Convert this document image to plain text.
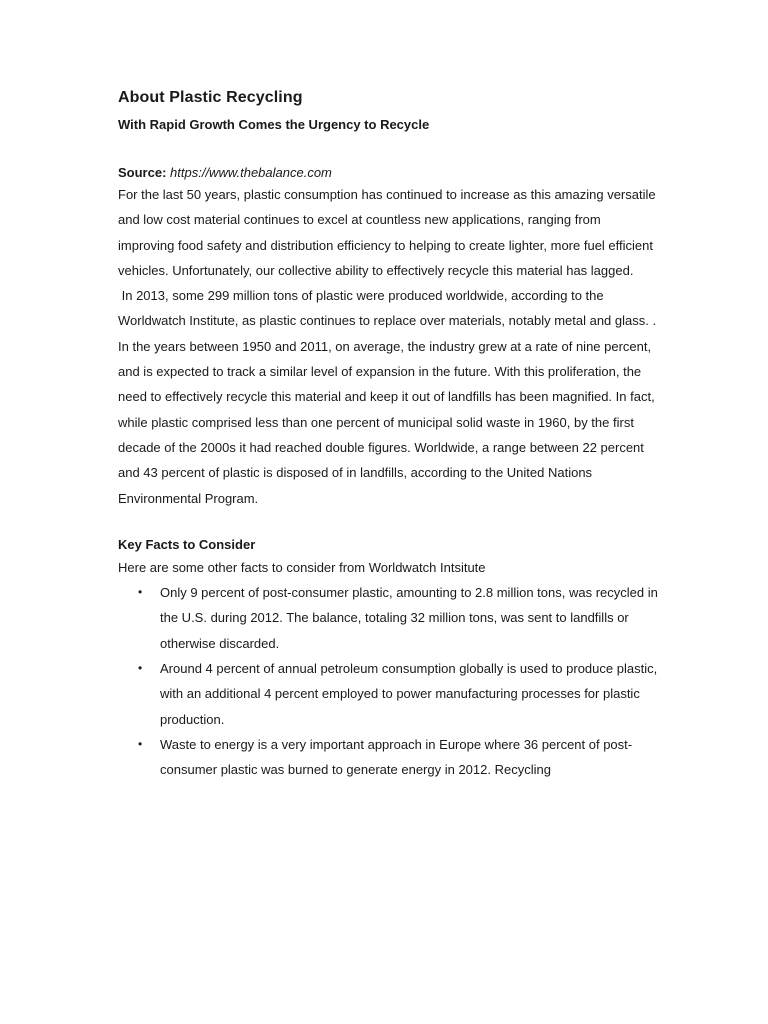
About Plastic Recycling
With Rapid Growth Comes the Urgency to Recycle
Source: https://www.thebalance.com

For the last 50 years, plastic consumption has continued to increase as this amazing versatile and low cost material continues to excel at countless new applications, ranging from improving food safety and distribution efficiency to helping to create lighter, more fuel efficient vehicles. Unfortunately, our collective ability to effectively recycle this material has lagged.

In 2013, some 299 million tons of plastic were produced worldwide, according to the Worldwatch Institute, as plastic continues to replace over materials, notably metal and glass. . In the years between 1950 and 2011, on average, the industry grew at a rate of nine percent, and is expected to track a similar level of expansion in the future. With this proliferation, the need to effectively recycle this material and keep it out of landfills has been magnified. In fact, while plastic comprised less than one percent of municipal solid waste in 1960, by the first decade of the 2000s it had reached double figures. Worldwide, a range between 22 percent and 43 percent of plastic is disposed of in landfills, according to the United Nations Environmental Program.

Key Facts to Consider

Here are some other facts to consider from Worldwatch Intsitute

• Only 9 percent of post-consumer plastic, amounting to 2.8 million tons, was recycled in the U.S. during 2012. The balance, totaling 32 million tons, was sent to landfills or otherwise discarded.
• Around 4 percent of annual petroleum consumption globally is used to produce plastic, with an additional 4 percent employed to power manufacturing processes for plastic production.
• Waste to energy is a very important approach in Europe where 36 percent of post-consumer plastic was burned to generate energy in 2012. Recycling
